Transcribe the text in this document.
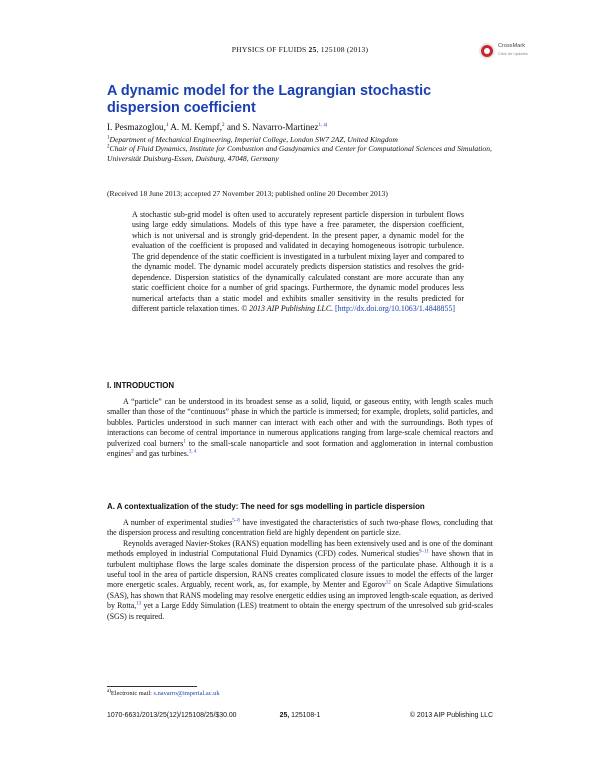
PHYSICS OF FLUIDS 25, 125108 (2013)	CrossMark
Click for updates
A dynamic model for the Lagrangian stochastic dispersion coefficient
I. Pesmazoglou,$^1$ A. M. Kempf,$^2$ and S. Navarro-Martinez$^{1, a)}$
$^1$Department of Mechanical Engineering, Imperial College, London SW7 2AZ, United Kingdom
$^2$Chair of Fluid Dynamics, Institute for Combustion and Gasdynamics and Center for Computational Sciences and Simulation, Universität Duisburg-Essen, Duisburg, 47048, Germany
(Received 18 June 2013; accepted 27 November 2013; published online 20 December 2013)
A stochastic sub-grid model is often used to accurately represent particle dispersion in turbulent flows using large eddy simulations. Models of this type have a free parameter, the dispersion coefficient, which is not universal and is strongly grid-dependent. In the present paper, a dynamic model for the evaluation of the coefficient is proposed and validated in decaying homogeneous isotropic turbulence. The grid dependence of the static coefficient is investigated in a turbulent mixing layer and compared to the dynamic model. The dynamic model accurately predicts dispersion statistics and resolves the grid-dependence. Dispersion statistics of the dynamically calculated constant are more accurate than any static coefficient choice for a number of grid spacings. Furthermore, the dynamic model produces less numerical artefacts than a static model and exhibits smaller sensitivity in the results predicted for different particle relaxation times. © 2013 AIP Publishing LLC. [http://dx.doi.org/10.1063/1.4848855]
I. INTRODUCTION

A “particle” can be understood in its broadest sense as a solid, liquid, or gaseous entity, with length scales much smaller than those of the “continuous” phase in which the particle is immersed; for example, droplets, solid particles, and bubbles. Particles understood in such manner can interact with each other and with the surroundings. Both types of interactions can become of central importance in numerous applications ranging from large-scale chemical reactors and pulverized coal burners$^1$ to the small-scale nanoparticle and soot formation and agglomeration in internal combustion engines$^2$ and gas turbines.$^{3, 4}$

A. A contextualization of the study: The need for sgs modelling in particle dispersion

A number of experimental studies$^{5-8}$ have investigated the characteristics of such two-phase flows, concluding that the dispersion process and resulting concentration field are highly dependent on particle size.

Reynolds averaged Navier-Stokes (RANS) equation modelling has been extensively used and is one of the dominant methods employed in industrial Computational Fluid Dynamics (CFD) codes. Numerical studies$^{9-11}$ have shown that in turbulent multiphase flows the large scales dominate the dispersion process of the particulate phase. Although it is a useful tool in the area of particle dispersion, RANS creates complicated closure issues to model the effects of the larger more energetic scales. Arguably, recent work, as, for example, by Menter and Egorov$^{12}$ on Scale Adaptive Simulations (SAS), has shown that RANS modeling may resolve energetic eddies using an improved length-scale equation, as derived by Rotta,$^{13}$ yet a Large Eddy Simulation (LES) treatment to obtain the energy spectrum of the unresolved sub grid-scales (SGS) is required.

$^{a)}$Electronic mail: s.navarro@imperial.ac.uk
1070-6631/2013/25(12)/125108/25/$30.00	25, 125108-1	© 2013 AIP Publishing LLC
